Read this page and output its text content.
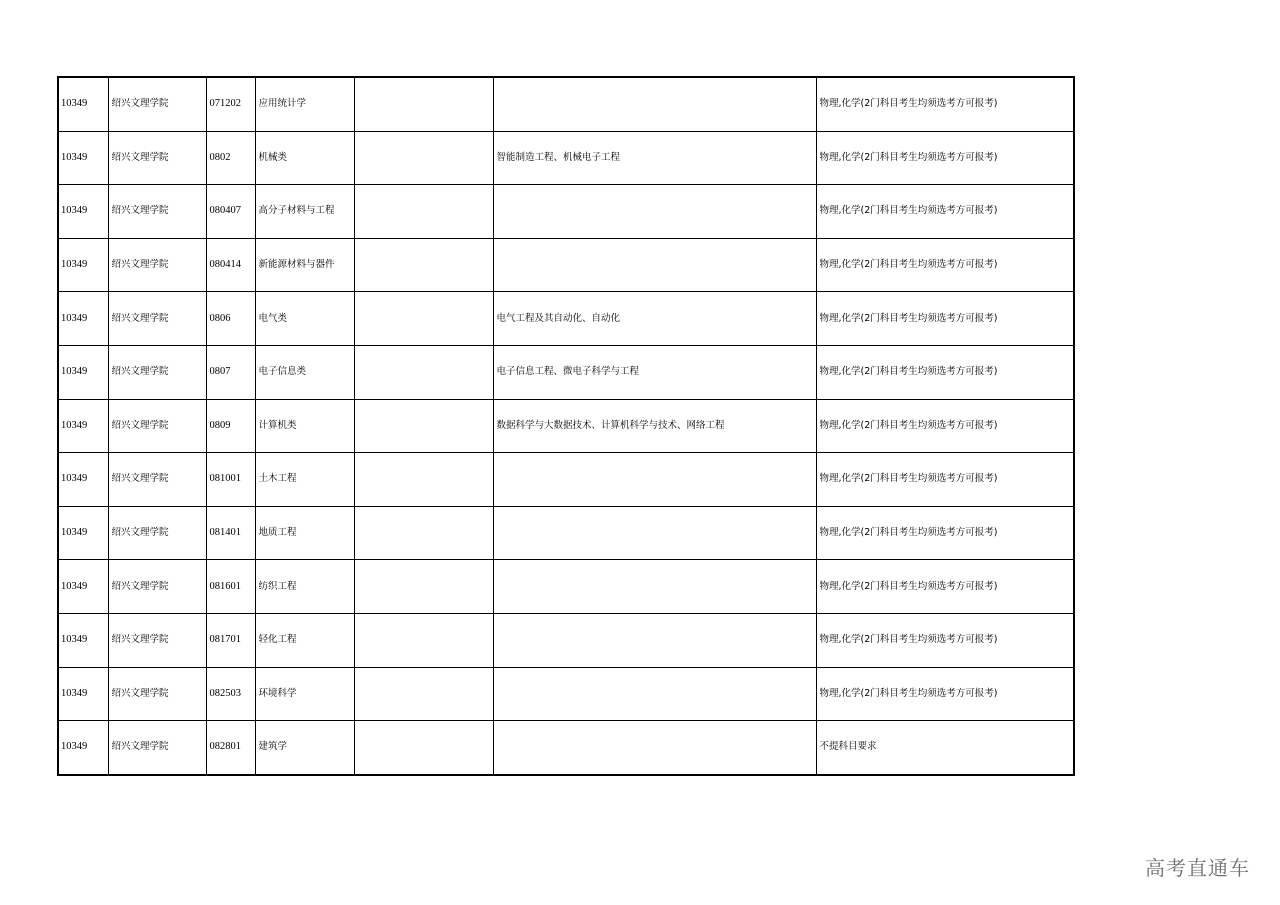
10349	绍兴文理学院	071202	应用统计学			物理,化学(2门科目考生均须选考方可报考)
10349	绍兴文理学院	0802	机械类		智能制造工程、机械电子工程	物理,化学(2门科目考生均须选考方可报考)
10349	绍兴文理学院	080407	高分子材料与工程			物理,化学(2门科目考生均须选考方可报考)
10349	绍兴文理学院	080414	新能源材料与器件			物理,化学(2门科目考生均须选考方可报考)
10349	绍兴文理学院	0806	电气类		电气工程及其自动化、自动化	物理,化学(2门科目考生均须选考方可报考)
10349	绍兴文理学院	0807	电子信息类		电子信息工程、微电子科学与工程	物理,化学(2门科目考生均须选考方可报考)
10349	绍兴文理学院	0809	计算机类		数据科学与大数据技术、计算机科学与技术、网络工程	物理,化学(2门科目考生均须选考方可报考)
10349	绍兴文理学院	081001	土木工程			物理,化学(2门科目考生均须选考方可报考)
10349	绍兴文理学院	081401	地质工程			物理,化学(2门科目考生均须选考方可报考)
10349	绍兴文理学院	081601	纺织工程			物理,化学(2门科目考生均须选考方可报考)
10349	绍兴文理学院	081701	轻化工程			物理,化学(2门科目考生均须选考方可报考)
10349	绍兴文理学院	082503	环境科学			物理,化学(2门科目考生均须选考方可报考)
10349	绍兴文理学院	082801	建筑学			不提科目要求
高考直通车
